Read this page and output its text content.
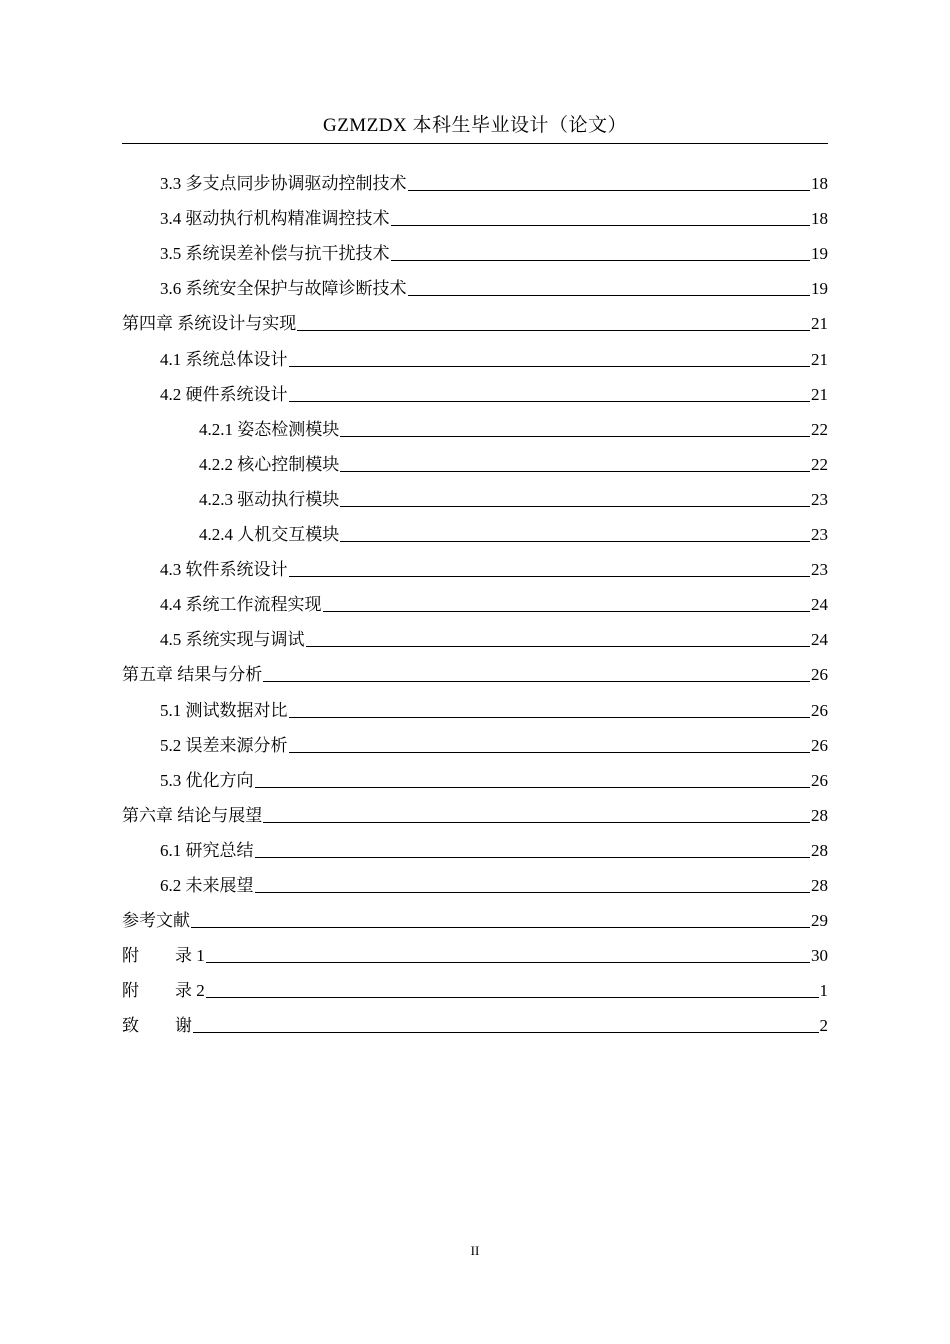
GZMZDX 本科生毕业设计（论文）
3.3 多支点同步协调驱动控制技术	18
3.4 驱动执行机构精准调控技术	18
3.5 系统误差补偿与抗干扰技术	19
3.6 系统安全保护与故障诊断技术	19
第四章 系统设计与实现	21
4.1 系统总体设计	21
4.2 硬件系统设计	21
4.2.1 姿态检测模块	22
4.2.2 核心控制模块	22
4.2.3 驱动执行模块	23
4.2.4 人机交互模块	23
4.3 软件系统设计	23
4.4 系统工作流程实现	24
4.5 系统实现与调试	24
第五章 结果与分析	26
5.1 测试数据对比	26
5.2 误差来源分析	26
5.3 优化方向	26
第六章 结论与展望	28
6.1 研究总结	28
6.2 未来展望	28
参考文献	29
附 录 1	30
附 录 2	1
致 谢	2
II
